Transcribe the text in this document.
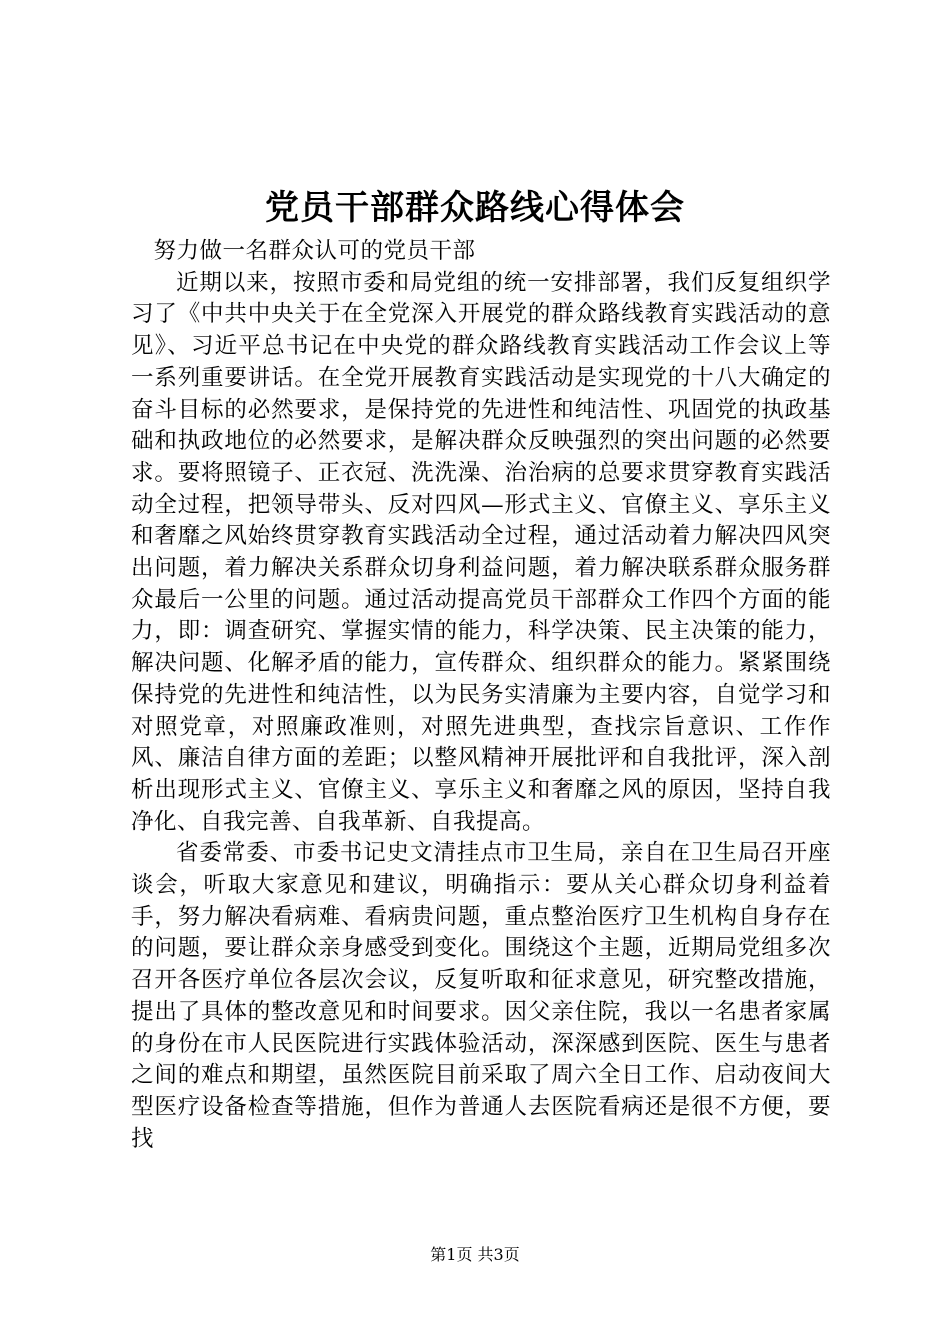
党员干部群众路线心得体会

努力做一名群众认可的党员干部

近期以来，按照市委和局党组的统一安排部署，我们反复组织学习了《中共中央关于在全党深入开展党的群众路线教育实践活动的意见》、习近平总书记在中央党的群众路线教育实践活动工作会议上等一系列重要讲话。在全党开展教育实践活动是实现党的十八大确定的奋斗目标的必然要求，是保持党的先进性和纯洁性、巩固党的执政基础和执政地位的必然要求，是解决群众反映强烈的突出问题的必然要求。要将照镜子、正衣冠、洗洗澡、治治病的总要求贯穿教育实践活动全过程，把领导带头、反对四风—形式主义、官僚主义、享乐主义和奢靡之风始终贯穿教育实践活动全过程，通过活动着力解决四风突出问题，着力解决关系群众切身利益问题，着力解决联系群众服务群众最后一公里的问题。通过活动提高党员干部群众工作四个方面的能力，即：调查研究、掌握实情的能力，科学决策、民主决策的能力，解决问题、化解矛盾的能力，宣传群众、组织群众的能力。紧紧围绕保持党的先进性和纯洁性，以为民务实清廉为主要内容，自觉学习和对照党章，对照廉政准则，对照先进典型，查找宗旨意识、工作作风、廉洁自律方面的差距；以整风精神开展批评和自我批评，深入剖析出现形式主义、官僚主义、享乐主义和奢靡之风的原因，坚持自我净化、自我完善、自我革新、自我提高。

省委常委、市委书记史文清挂点市卫生局，亲自在卫生局召开座谈会，听取大家意见和建议，明确指示：要从关心群众切身利益着手，努力解决看病难、看病贵问题，重点整治医疗卫生机构自身存在的问题，要让群众亲身感受到变化。围绕这个主题，近期局党组多次召开各医疗单位各层次会议，反复听取和征求意见，研究整改措施，提出了具体的整改意见和时间要求。因父亲住院，我以一名患者家属的身份在市人民医院进行实践体验活动，深深感到医院、医生与患者之间的难点和期望，虽然医院目前采取了周六全日工作、启动夜间大型医疗设备检查等措施，但作为普通人去医院看病还是很不方便，要找

第1页 共3页
